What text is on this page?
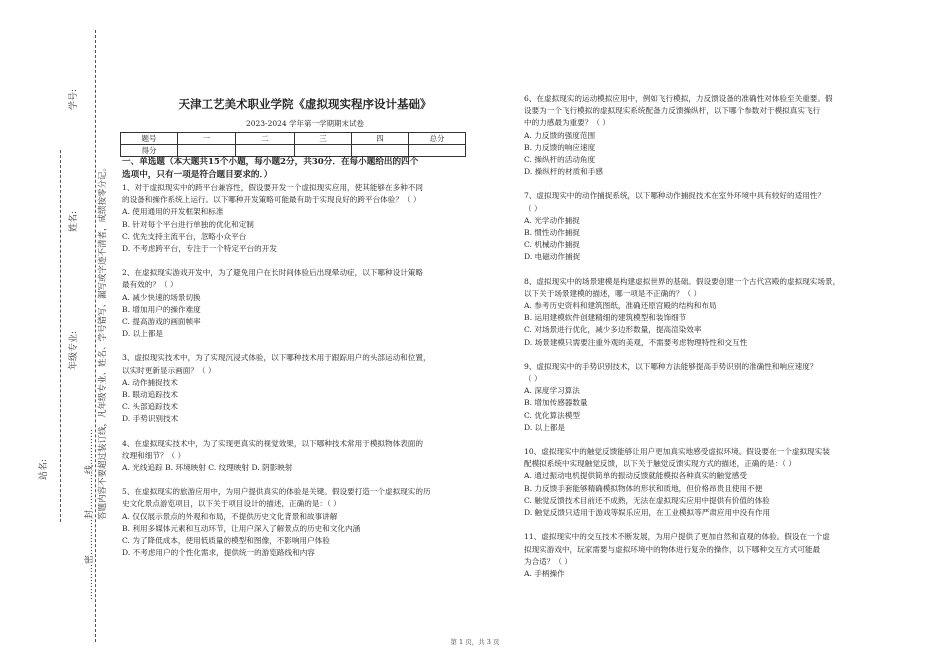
学号:
姓名:
年级专业:
站名:	…………密…………封…………线………… 答题内容不要超过装订线，凡年级专业、姓名、学号错写、漏写或字迹不清者，成绩按零分记。
天津工艺美术职业学院《虚拟现实程序设计基础》
2023-2024 学年第一学期期末试卷
题号	一	二	三	四	总分
得分					

一、单选题（本大题共15个小题，每小题2分，共30分．在每小题给出的四个

选项中，只有一项是符合题目要求的．）

1、对于虚拟现实中的跨平台兼容性，假设要开发一个虚拟现实应用，使其能够在多种不同

的设备和操作系统上运行。以下哪种开发策略可能最有助于实现良好的跨平台体验？（ ）

A. 使用通用的开发框架和标准

B. 针对每个平台进行单独的优化和定制

C. 优先支持主流平台，忽略小众平台

D. 不考虑跨平台，专注于一个特定平台的开发

2、在虚拟现实游戏开发中，为了避免用户在长时间体验后出现晕动症，以下哪种设计策略

最有效的？（ ）

A. 减少快速的场景切换

B. 增加用户的操作难度

C. 提高游戏的画面帧率

D. 以上都是

3、虚拟现实技术中，为了实现沉浸式体验，以下哪种技术用于跟踪用户的头部运动和位置，

以实时更新显示画面？（ ）

A. 动作捕捉技术

B. 眼动追踪技术

C. 头部追踪技术

D. 手势识别技术

4、在虚拟现实技术中，为了实现更真实的视觉效果，以下哪种技术常用于模拟物体表面的

纹理和细节？（ ）

A. 光线追踪 B. 环境映射 C. 纹理映射 D. 阴影映射

5、在虚拟现实的旅游应用中，为用户提供真实的体验是关键。假设要打造一个虚拟现实的历

史文化景点游览项目，以下关于项目设计的描述，正确的是：（ ）

A. 仅仅展示景点的外观和布局，不提供历史文化背景和故事讲解

B. 利用多媒体元素和互动环节，让用户深入了解景点的历史和文化内涵

C. 为了降低成本，使用低质量的模型和图像，不影响用户体验

D. 不考虑用户的个性化需求，提供统一的游览路线和内容

6、在虚拟现实的运动模拟应用中，例如飞行模拟，力反馈设备的准确性对体验至关重要。假

设要为一个飞行模拟的虚拟现实系统配备力反馈操纵杆，以下哪个参数对于模拟真实飞行

中的力感最为重要？（ ）

A. 力反馈的强度范围

B. 力反馈的响应速度

C. 操纵杆的活动角度

D. 操纵杆的材质和手感

7、虚拟现实中的动作捕捉系统，以下哪种动作捕捉技术在室外环境中具有较好的适用性？

（ ）

A. 光学动作捕捉

B. 惯性动作捕捉

C. 机械动作捕捉

D. 电磁动作捕捉

8、虚拟现实中的场景建模是构建虚拟世界的基础。假设要创建一个古代宫殿的虚拟现实场景，

以下关于场景建模的描述，哪一项是不正确的？（ ）

A. 参考历史资料和建筑图纸，准确还原宫殿的结构和布局

B. 运用建模软件创建精细的建筑模型和装饰细节

C. 对场景进行优化，减少多边形数量，提高渲染效率

D. 场景建模只需要注重外观的美观，不需要考虑物理特性和交互性

9、虚拟现实中的手势识别技术，以下哪种方法能够提高手势识别的准确性和响应速度？

（ ）

A. 深度学习算法

B. 增加传感器数量

C. 优化算法模型

D. 以上都是

10、虚拟现实中的触觉反馈能够让用户更加真实地感受虚拟环境。假设要在一个虚拟现实装

配模拟系统中实现触觉反馈，以下关于触觉反馈实现方式的描述，正确的是：（ ）

A. 通过振动电机提供简单的振动反馈就能模拟各种真实的触觉感受

B. 力反馈手套能够精确模拟物体的形状和质地，但价格昂贵且使用不便

C. 触觉反馈技术目前还不成熟，无法在虚拟现实应用中提供有价值的体验

D. 触觉反馈只适用于游戏等娱乐应用，在工业模拟等严肃应用中没有作用

11、虚拟现实中的交互技术不断发展，为用户提供了更加自然和直观的体验。假设在一个虚

拟现实游戏中，玩家需要与虚拟环境中的物体进行复杂的操作，以下哪种交互方式可能最

为合适？（ ）

A. 手柄操作

第 1 页，共 3 页
